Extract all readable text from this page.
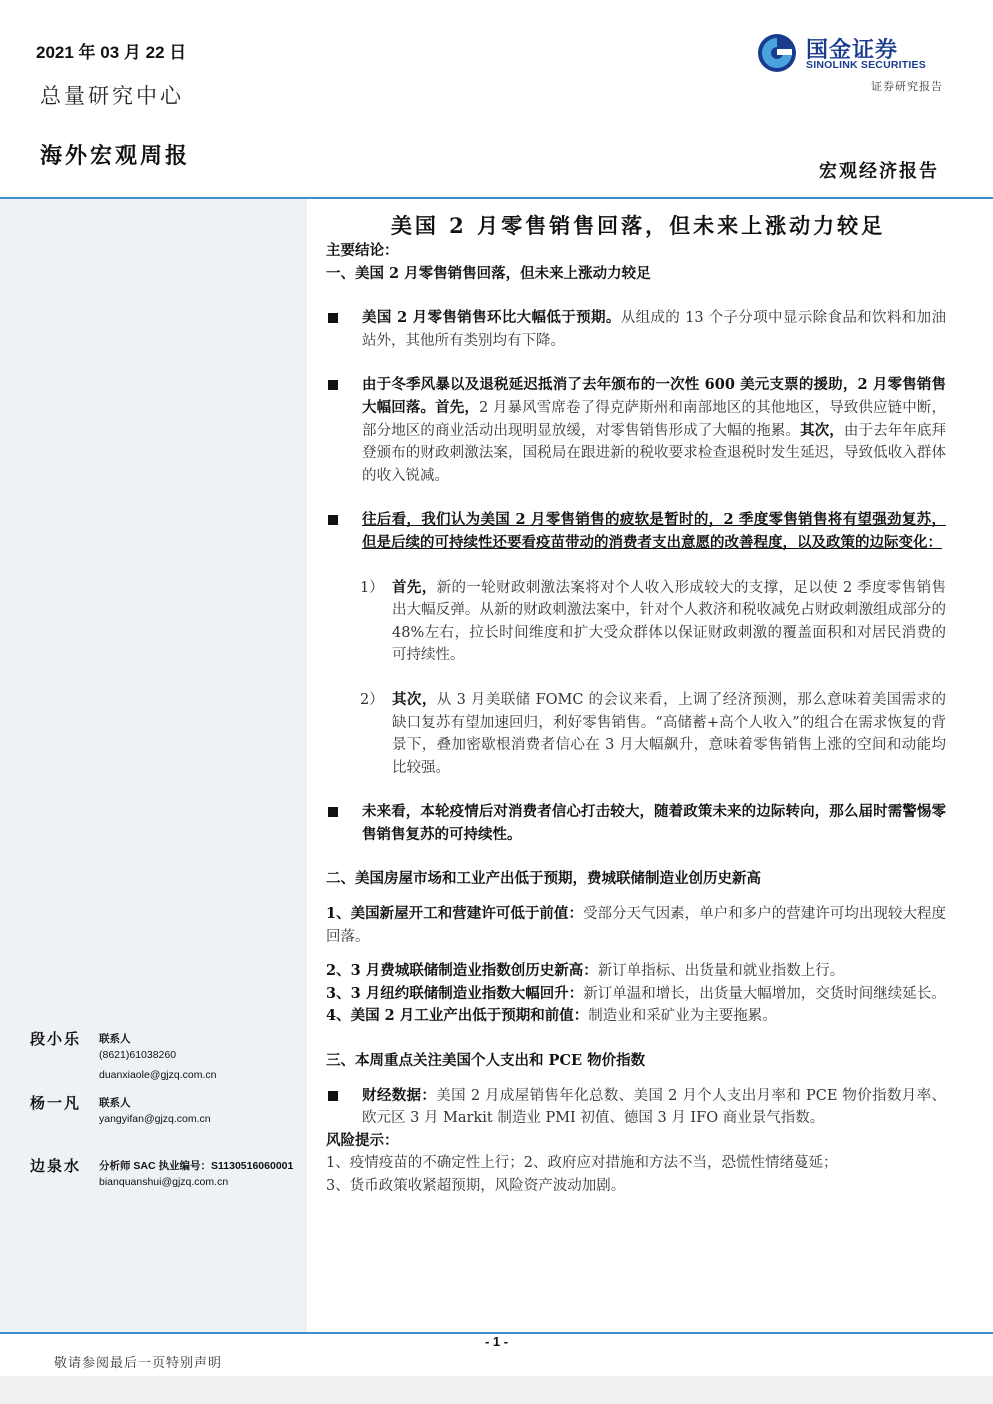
2021 年 03 月 22 日
总量研究中心
海外宏观周报
宏观经济报告
国金证券
SINOLINK SECURITIES
证券研究报告
美国 2 月零售销售回落，但未来上涨动力较足

主要结论：

一、美国 2 月零售销售回落，但未来上涨动力较足

美国 2 月零售销售环比大幅低于预期。从组成的 13 个子分项中显示除食品和饮料和加油站外，其他所有类别均有下降。

由于冬季风暴以及退税延迟抵消了去年颁布的一次性 600 美元支票的援助，2 月零售销售大幅回落。首先，2 月暴风雪席卷了得克萨斯州和南部地区的其他地区，导致供应链中断，部分地区的商业活动出现明显放缓，对零售销售形成了大幅的拖累。其次，由于去年年底拜登颁布的财政刺激法案，国税局在跟进新的税收要求检查退税时发生延迟，导致低收入群体的收入锐减。

往后看，我们认为美国 2 月零售销售的疲软是暂时的，2 季度零售销售将有望强劲复苏，但是后续的可持续性还要看疫苗带动的消费者支出意愿的改善程度，以及政策的边际变化：

1） 首先，新的一轮财政刺激法案将对个人收入形成较大的支撑，足以使 2 季度零售销售出大幅反弹。从新的财政刺激法案中，针对个人救济和税收减免占财政刺激组成部分的 48%左右，拉长时间维度和扩大受众群体以保证财政刺激的覆盖面积和对居民消费的可持续性。

2） 其次，从 3 月美联储 FOMC 的会议来看，上调了经济预测，那么意味着美国需求的缺口复苏有望加速回归，利好零售销售。“高储蓄+高个人收入”的组合在需求恢复的背景下，叠加密歇根消费者信心在 3 月大幅飙升，意味着零售销售上涨的空间和动能均比较强。

未来看，本轮疫情后对消费者信心打击较大，随着政策未来的边际转向，那么届时需警惕零售销售复苏的可持续性。

二、美国房屋市场和工业产出低于预期，费城联储制造业创历史新高

1、美国新屋开工和营建许可低于前值：受部分天气因素，单户和多户的营建许可均出现较大程度回落。

2、3 月费城联储制造业指数创历史新高：新订单指标、出货量和就业指数上行。

3、3 月纽约联储制造业指数大幅回升：新订单温和增长，出货量大幅增加，交货时间继续延长。

4、美国 2 月工业产出低于预期和前值：制造业和采矿业为主要拖累。

三、本周重点关注美国个人支出和 PCE 物价指数

财经数据：美国 2 月成屋销售年化总数、美国 2 月个人支出月率和 PCE 物价指数月率、欧元区 3 月 Markit 制造业 PMI 初值、德国 3 月 IFO 商业景气指数。

风险提示：

1、疫情疫苗的不确定性上行；2、政府应对措施和方法不当，恐慌性情绪蔓延；

3、货币政策收紧超预期，风险资产波动加剧。

段小乐 联系人
(8621)61038260
duanxiaole@gjzq.com.cn
杨一凡 联系人
yangyifan@gjzq.com.cn
边泉水 分析师 SAC 执业编号：S1130516060001
bianquanshui@gjzq.com.cn
- 1 -
敬请参阅最后一页特别声明
